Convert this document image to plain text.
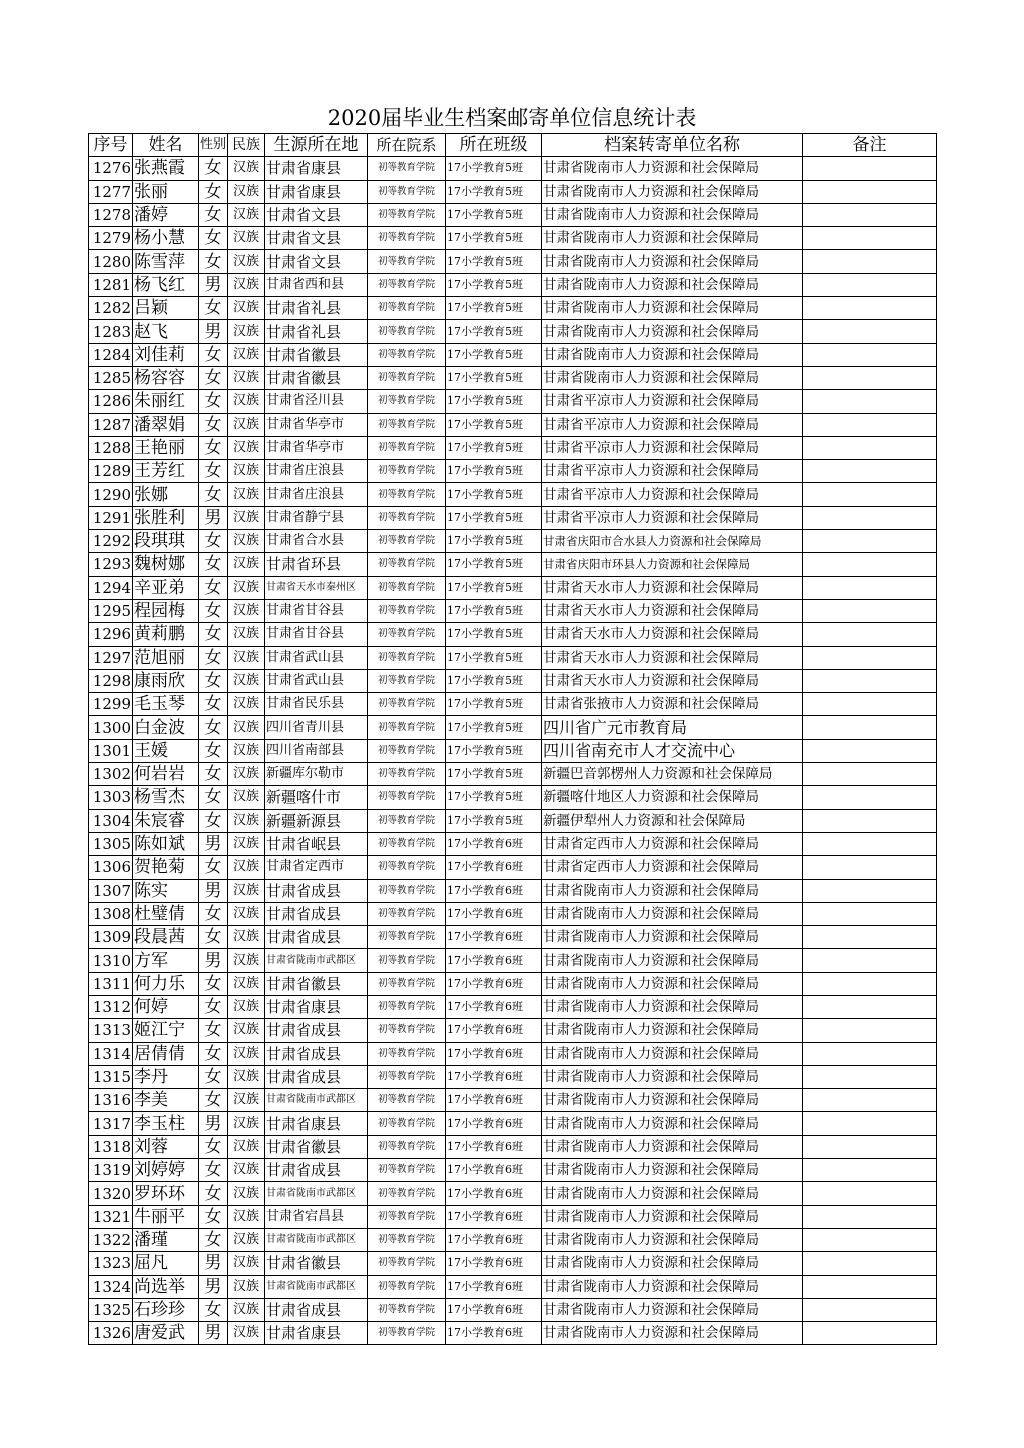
2020届毕业生档案邮寄单位信息统计表
序号	姓名	性别	民族	生源所在地	所在院系	所在班级	档案转寄单位名称	备注
1276	张燕霞	女	汉族	甘肃省康县	初等教育学院	17小学教育5班	甘肃省陇南市人力资源和社会保障局	
1277	张丽	女	汉族	甘肃省康县	初等教育学院	17小学教育5班	甘肃省陇南市人力资源和社会保障局	
1278	潘婷	女	汉族	甘肃省文县	初等教育学院	17小学教育5班	甘肃省陇南市人力资源和社会保障局	
1279	杨小慧	女	汉族	甘肃省文县	初等教育学院	17小学教育5班	甘肃省陇南市人力资源和社会保障局	
1280	陈雪萍	女	汉族	甘肃省文县	初等教育学院	17小学教育5班	甘肃省陇南市人力资源和社会保障局	
1281	杨飞红	男	汉族	甘肃省西和县	初等教育学院	17小学教育5班	甘肃省陇南市人力资源和社会保障局	
1282	吕颖	女	汉族	甘肃省礼县	初等教育学院	17小学教育5班	甘肃省陇南市人力资源和社会保障局	
1283	赵飞	男	汉族	甘肃省礼县	初等教育学院	17小学教育5班	甘肃省陇南市人力资源和社会保障局	
1284	刘佳莉	女	汉族	甘肃省徽县	初等教育学院	17小学教育5班	甘肃省陇南市人力资源和社会保障局	
1285	杨容容	女	汉族	甘肃省徽县	初等教育学院	17小学教育5班	甘肃省陇南市人力资源和社会保障局	
1286	朱丽红	女	汉族	甘肃省泾川县	初等教育学院	17小学教育5班	甘肃省平凉市人力资源和社会保障局	
1287	潘翠娟	女	汉族	甘肃省华亭市	初等教育学院	17小学教育5班	甘肃省平凉市人力资源和社会保障局	
1288	王艳丽	女	汉族	甘肃省华亭市	初等教育学院	17小学教育5班	甘肃省平凉市人力资源和社会保障局	
1289	王芳红	女	汉族	甘肃省庄浪县	初等教育学院	17小学教育5班	甘肃省平凉市人力资源和社会保障局	
1290	张娜	女	汉族	甘肃省庄浪县	初等教育学院	17小学教育5班	甘肃省平凉市人力资源和社会保障局	
1291	张胜利	男	汉族	甘肃省静宁县	初等教育学院	17小学教育5班	甘肃省平凉市人力资源和社会保障局	
1292	段琪琪	女	汉族	甘肃省合水县	初等教育学院	17小学教育5班	甘肃省庆阳市合水县人力资源和社会保障局	
1293	魏树娜	女	汉族	甘肃省环县	初等教育学院	17小学教育5班	甘肃省庆阳市环县人力资源和社会保障局	
1294	辛亚弟	女	汉族	甘肃省天水市秦州区	初等教育学院	17小学教育5班	甘肃省天水市人力资源和社会保障局	
1295	程园梅	女	汉族	甘肃省甘谷县	初等教育学院	17小学教育5班	甘肃省天水市人力资源和社会保障局	
1296	黄莉鹏	女	汉族	甘肃省甘谷县	初等教育学院	17小学教育5班	甘肃省天水市人力资源和社会保障局	
1297	范旭丽	女	汉族	甘肃省武山县	初等教育学院	17小学教育5班	甘肃省天水市人力资源和社会保障局	
1298	康雨欣	女	汉族	甘肃省武山县	初等教育学院	17小学教育5班	甘肃省天水市人力资源和社会保障局	
1299	毛玉琴	女	汉族	甘肃省民乐县	初等教育学院	17小学教育5班	甘肃省张掖市人力资源和社会保障局	
1300	白金波	女	汉族	四川省青川县	初等教育学院	17小学教育5班	四川省广元市教育局	
1301	王媛	女	汉族	四川省南部县	初等教育学院	17小学教育5班	四川省南充市人才交流中心	
1302	何岩岩	女	汉族	新疆库尔勒市	初等教育学院	17小学教育5班	新疆巴音郭楞州人力资源和社会保障局	
1303	杨雪杰	女	汉族	新疆喀什市	初等教育学院	17小学教育5班	新疆喀什地区人力资源和社会保障局	
1304	朱宸睿	女	汉族	新疆新源县	初等教育学院	17小学教育5班	新疆伊犁州人力资源和社会保障局	
1305	陈如斌	男	汉族	甘肃省岷县	初等教育学院	17小学教育6班	甘肃省定西市人力资源和社会保障局	
1306	贺艳菊	女	汉族	甘肃省定西市	初等教育学院	17小学教育6班	甘肃省定西市人力资源和社会保障局	
1307	陈实	男	汉族	甘肃省成县	初等教育学院	17小学教育6班	甘肃省陇南市人力资源和社会保障局	
1308	杜璧倩	女	汉族	甘肃省成县	初等教育学院	17小学教育6班	甘肃省陇南市人力资源和社会保障局	
1309	段晨茜	女	汉族	甘肃省成县	初等教育学院	17小学教育6班	甘肃省陇南市人力资源和社会保障局	
1310	方军	男	汉族	甘肃省陇南市武都区	初等教育学院	17小学教育6班	甘肃省陇南市人力资源和社会保障局	
1311	何力乐	女	汉族	甘肃省徽县	初等教育学院	17小学教育6班	甘肃省陇南市人力资源和社会保障局	
1312	何婷	女	汉族	甘肃省康县	初等教育学院	17小学教育6班	甘肃省陇南市人力资源和社会保障局	
1313	姬江宁	女	汉族	甘肃省成县	初等教育学院	17小学教育6班	甘肃省陇南市人力资源和社会保障局	
1314	居倩倩	女	汉族	甘肃省成县	初等教育学院	17小学教育6班	甘肃省陇南市人力资源和社会保障局	
1315	李丹	女	汉族	甘肃省成县	初等教育学院	17小学教育6班	甘肃省陇南市人力资源和社会保障局	
1316	李美	女	汉族	甘肃省陇南市武都区	初等教育学院	17小学教育6班	甘肃省陇南市人力资源和社会保障局	
1317	李玉柱	男	汉族	甘肃省康县	初等教育学院	17小学教育6班	甘肃省陇南市人力资源和社会保障局	
1318	刘蓉	女	汉族	甘肃省徽县	初等教育学院	17小学教育6班	甘肃省陇南市人力资源和社会保障局	
1319	刘婷婷	女	汉族	甘肃省成县	初等教育学院	17小学教育6班	甘肃省陇南市人力资源和社会保障局	
1320	罗环环	女	汉族	甘肃省陇南市武都区	初等教育学院	17小学教育6班	甘肃省陇南市人力资源和社会保障局	
1321	牛丽平	女	汉族	甘肃省宕昌县	初等教育学院	17小学教育6班	甘肃省陇南市人力资源和社会保障局	
1322	潘瑾	女	汉族	甘肃省陇南市武都区	初等教育学院	17小学教育6班	甘肃省陇南市人力资源和社会保障局	
1323	屈凡	男	汉族	甘肃省徽县	初等教育学院	17小学教育6班	甘肃省陇南市人力资源和社会保障局	
1324	尚选举	男	汉族	甘肃省陇南市武都区	初等教育学院	17小学教育6班	甘肃省陇南市人力资源和社会保障局	
1325	石珍珍	女	汉族	甘肃省成县	初等教育学院	17小学教育6班	甘肃省陇南市人力资源和社会保障局	
1326	唐爱武	男	汉族	甘肃省康县	初等教育学院	17小学教育6班	甘肃省陇南市人力资源和社会保障局	
